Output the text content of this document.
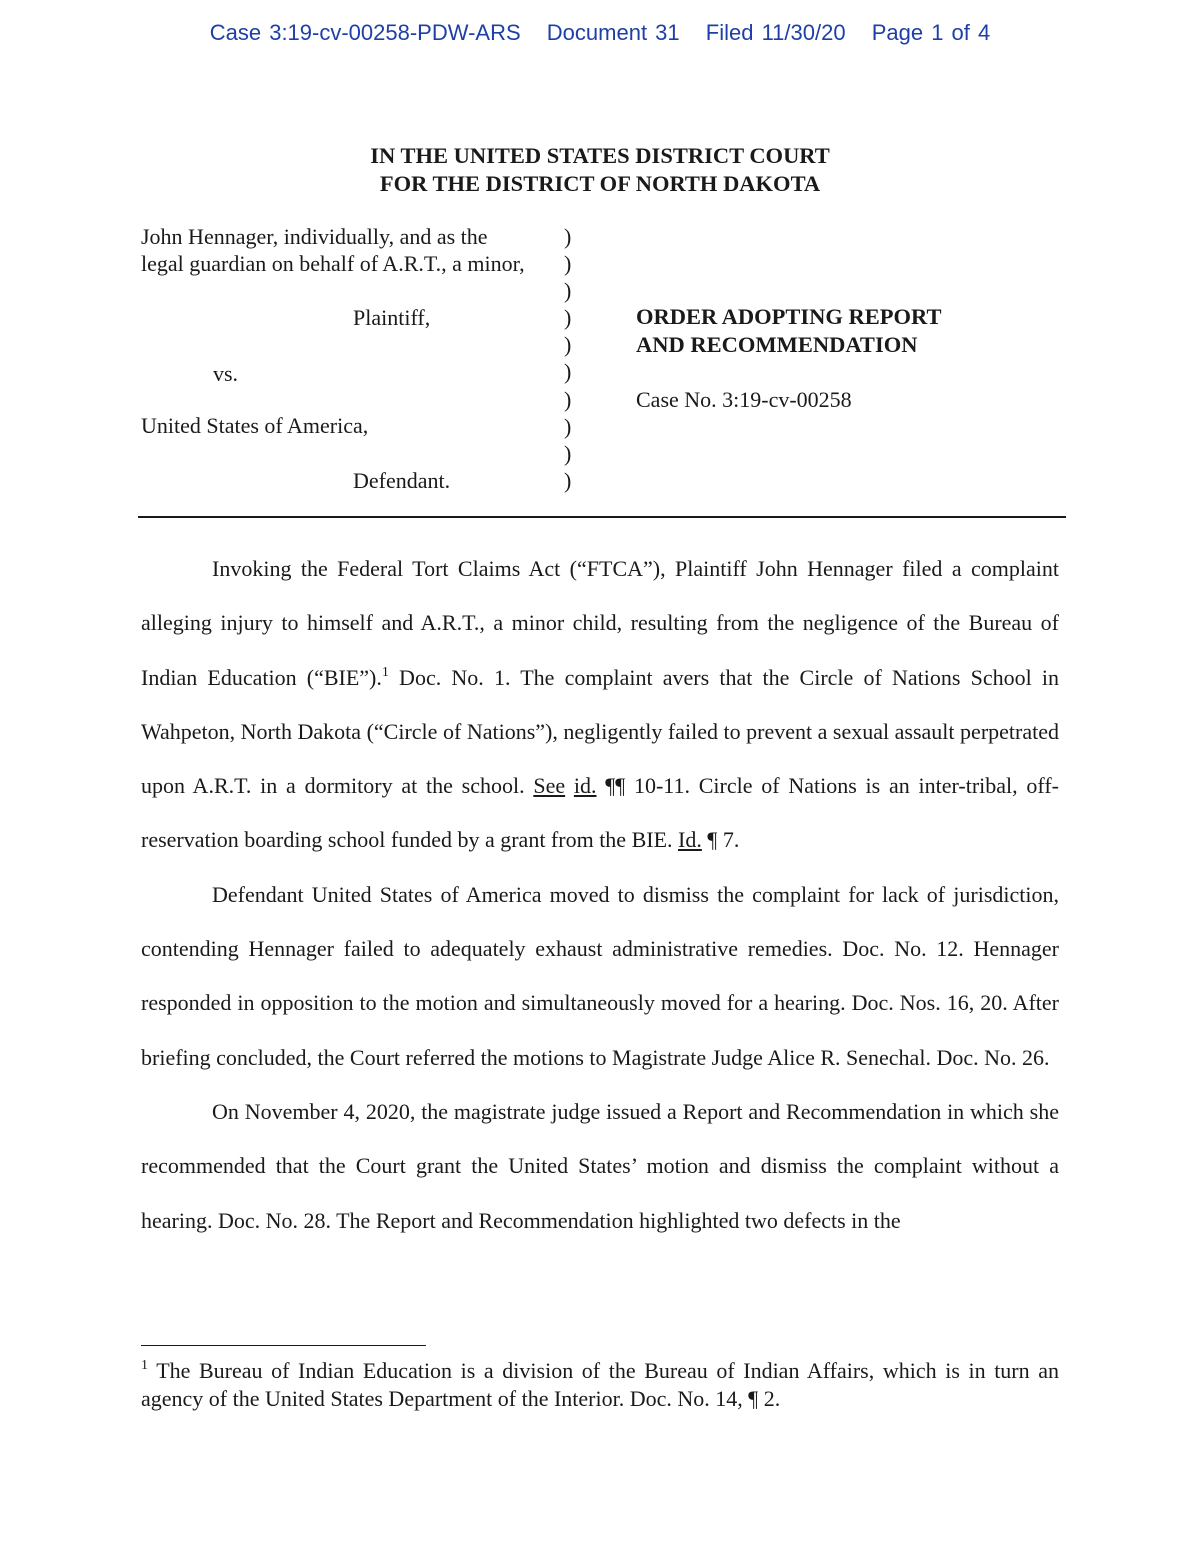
Case 3:19-cv-00258-PDW-ARS Document 31 Filed 11/30/20 Page 1 of 4
IN THE UNITED STATES DISTRICT COURT
FOR THE DISTRICT OF NORTH DAKOTA
John Hennager, individually, and as the
legal guardian on behalf of A.R.T., a minor,
Plaintiff,
vs.
United States of America,
Defendant.
)
)
)
)
)
)
)
)
)
)
ORDER ADOPTING REPORT
AND RECOMMENDATION
Case No. 3:19-cv-00258

Invoking the Federal Tort Claims Act (“FTCA”), Plaintiff John Hennager filed a complaint alleging injury to himself and A.R.T., a minor child, resulting from the negligence of the Bureau of Indian Education (“BIE”).$^1$ Doc. No. 1. The complaint avers that the Circle of Nations School in Wahpeton, North Dakota (“Circle of Nations”), negligently failed to prevent a sexual assault perpetrated upon A.R.T. in a dormitory at the school. See id. ¶¶ 10-11. Circle of Nations is an inter-tribal, off-reservation boarding school funded by a grant from the BIE. Id. ¶ 7.

Defendant United States of America moved to dismiss the complaint for lack of jurisdiction, contending Hennager failed to adequately exhaust administrative remedies. Doc. No. 12. Hennager responded in opposition to the motion and simultaneously moved for a hearing. Doc. Nos. 16, 20. After briefing concluded, the Court referred the motions to Magistrate Judge Alice R. Senechal. Doc. No. 26.

On November 4, 2020, the magistrate judge issued a Report and Recommendation in which she recommended that the Court grant the United States’ motion and dismiss the complaint without a hearing. Doc. No. 28. The Report and Recommendation highlighted two defects in the

$^1$ The Bureau of Indian Education is a division of the Bureau of Indian Affairs, which is in turn an agency of the United States Department of the Interior. Doc. No. 14, ¶ 2.
